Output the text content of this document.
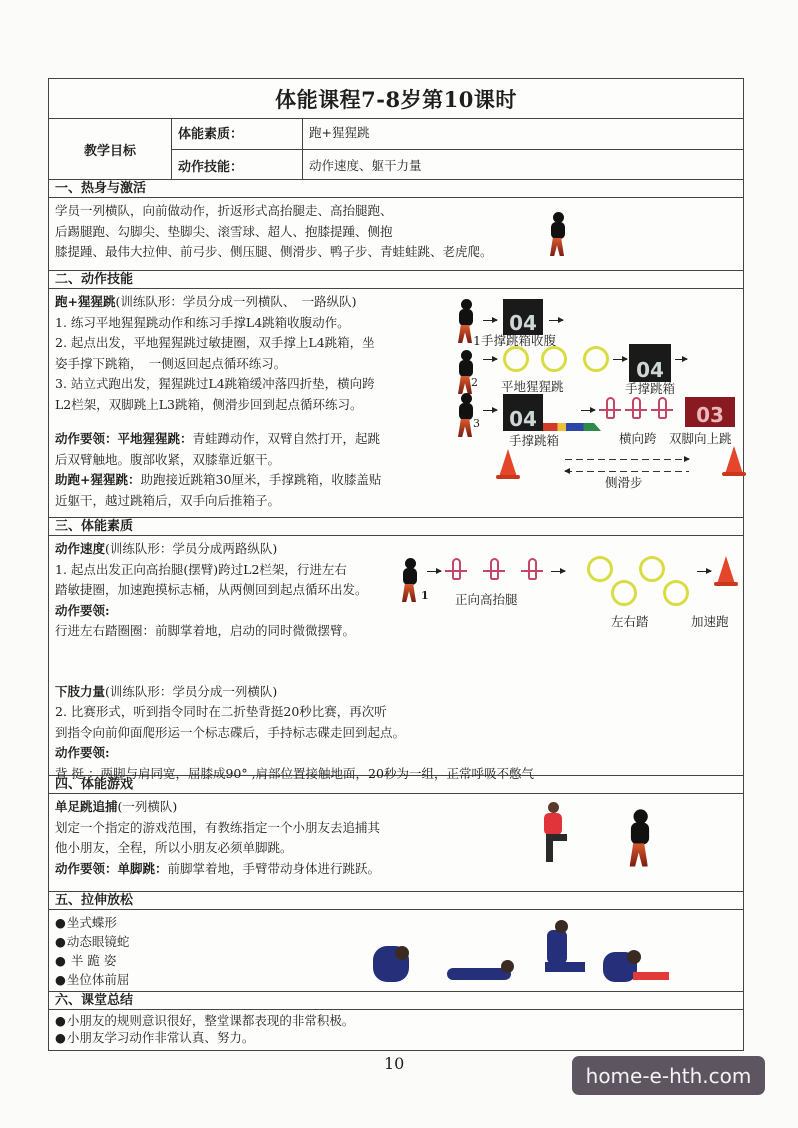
体能课程7-8岁第10课时
教学目标
体能素质：	跑+猩猩跳
动作技能：	动作速度、躯干力量
一、热身与激活
学员一列横队，向前做动作，折返形式高抬腿走、高抬腿跑、
后踢腿跑、勾脚尖、垫脚尖、滚雪球、超人、抱膝提踵、侧抱
膝提踵、最伟大拉伸、前弓步、侧压腿、侧滑步、鸭子步、青蛙蛙跳、老虎爬。
二、动作技能
跑+猩猩跳(训练队形：学员分成一列横队、　一路纵队)
1. 练习平地猩猩跳动作和练习手撑L4跳箱收腹动作。
2. 起点出发，平地猩猩跳过敏捷圈，双手撑上L4跳箱，坐
姿手撑下跳箱，　一侧返回起点循环练习。
3. 站立式跑出发，猩猩跳过L4跳箱缓冲落四折垫，横向跨
L2栏架，双脚跳上L3跳箱，侧滑步回到起点循环练习。
动作要领：平地猩猩跳：青蛙蹲动作，双臂自然打开，起跳
后双臂触地。腹部收紧，双膝靠近躯干。
助跑+猩猩跳：助跑接近跳箱30厘米，手撑跳箱，收膝盖贴
近躯干，越过跳箱后，双手向后推箱子。
04
1手撑跳箱收腹
2
04
平地猩猩跳	手撑跳箱
3	04	03
手撑跳箱	横向跨 双脚向上跳
侧滑步
三、体能素质
动作速度(训练队形：学员分成两路纵队)
1. 起点出发正向高抬腿(摆臂)跨过L2栏架，行进左右
踏敏捷圈，加速跑摸标志桶，从两侧回到起点循环出发。
动作要领:
行进左右踏圈圈：前脚掌着地，启动的同时微微摆臂。
下肢力量(训练队形：学员分成一列横队)
2. 比赛形式，听到指令同时在二折垫背挺20秒比赛，再次听
到指令向前仰面爬形运一个标志碟后，手持标志碟走回到起点。
动作要领:
背 挺 ：两脚与肩同宽，屈膝成90° ,肩部位置接触地面，20秒为一组，正常呼吸不憋气
1 正向高抬腿
左右踏	加速跑
四、体能游戏
单足跳追捕(一列横队)
划定一个指定的游戏范围，有教练指定一个小朋友去追捕其
他小朋友，全程，所以小朋友必须单脚跳。
动作要领：单脚跳：前脚掌着地，手臂带动身体进行跳跃。
五、拉伸放松
● 坐式蝶形
● 动态眼镜蛇
● 半 跪 姿
● 坐位体前屈
六、课堂总结
● 小朋友的规则意识很好，整堂课都表现的非常积极。
● 小朋友学习动作非常认真、努力。
10	home-e-hth.com
